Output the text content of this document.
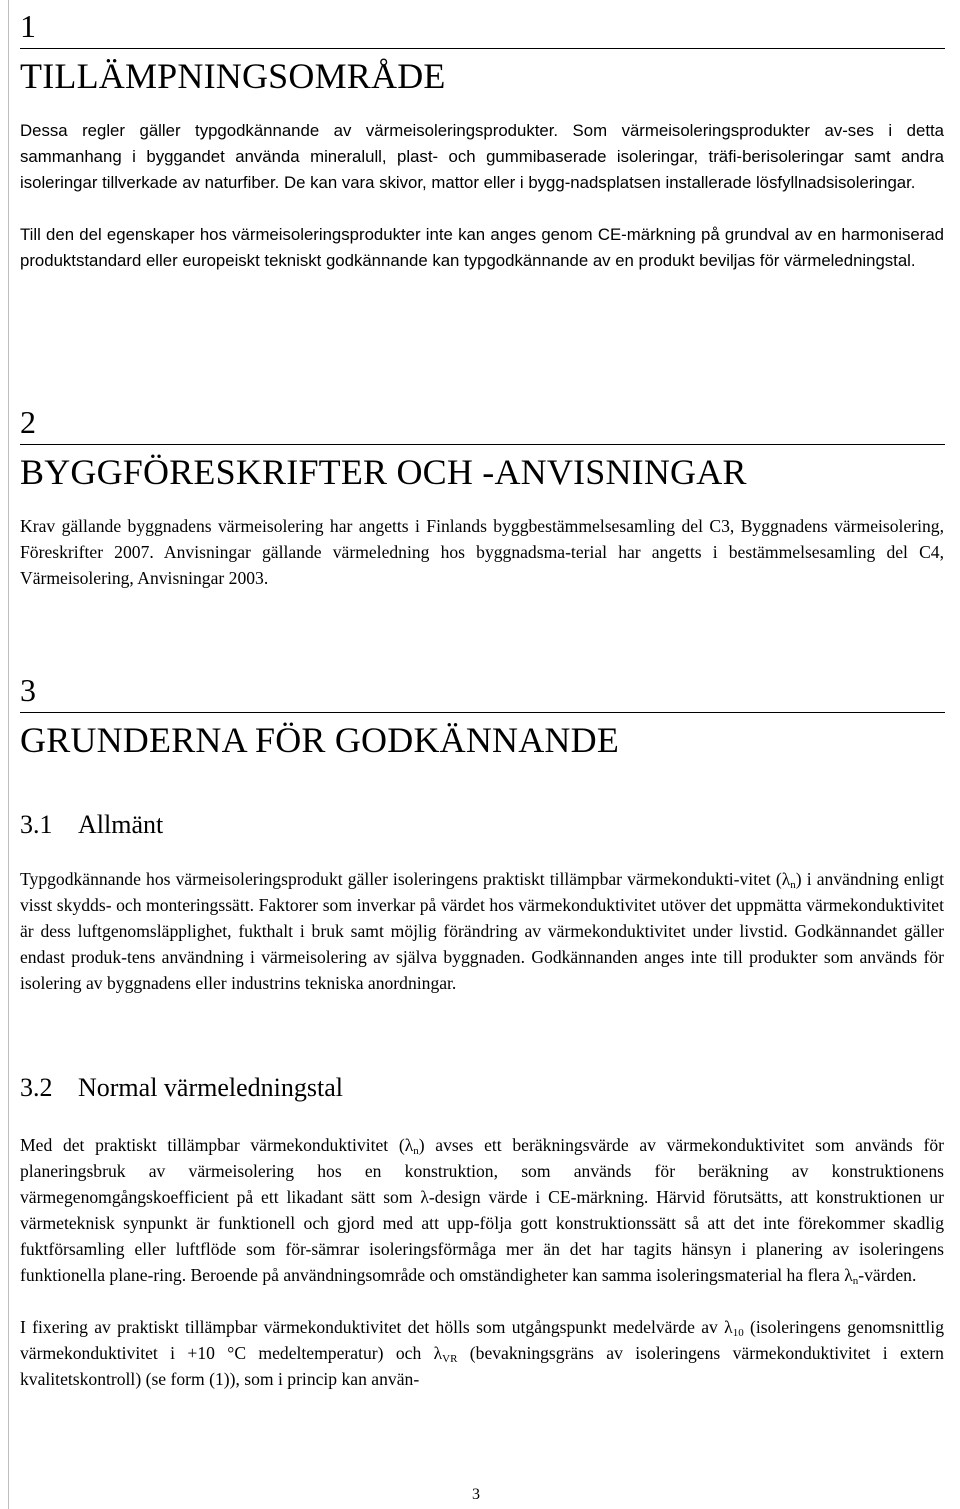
1
TILLÄMPNINGSOMRÅDE

Dessa regler gäller typgodkännande av värmeisoleringsprodukter. Som värmeisoleringsprodukter av-ses i detta sammanhang i byggandet använda mineralull, plast- och gummibaserade isoleringar, träfi-berisoleringar samt andra isoleringar tillverkade av naturfiber. De kan vara skivor, mattor eller i bygg-nadsplatsen installerade lösfyllnadsisoleringar.

Till den del egenskaper hos värmeisoleringsprodukter inte kan anges genom CE-märkning på grundval av en harmoniserad produktstandard eller europeiskt tekniskt godkännande kan typgodkännande av en produkt beviljas för värmeledningstal.

2
BYGGFÖRESKRIFTER OCH -ANVISNINGAR

Krav gällande byggnadens värmeisolering har angetts i Finlands byggbestämmelsesamling del C3, Byggnadens värmeisolering, Föreskrifter 2007. Anvisningar gällande värmeledning hos byggnadsma-terial har angetts i bestämmelsesamling del C4, Värmeisolering, Anvisningar 2003.

3
GRUNDERNA FÖR GODKÄNNANDE
3.1 Allmänt

Typgodkännande hos värmeisoleringsprodukt gäller isoleringens praktiskt tillämpbar värmekondukti-vitet $(\lambda_n)$ i användning enligt visst skydds- och monteringssätt. Faktorer som inverkar på värdet hos värmekonduktivitet utöver det uppmätta värmekonduktivitet är dess luftgenomsläpplighet, fukthalt i bruk samt möjlig förändring av värmekonduktivitet under livstid. Godkännandet gäller endast produk-tens användning i värmeisolering av själva byggnaden. Godkännanden anges inte till produkter som används för isolering av byggnadens eller industrins tekniska anordningar.

3.2 Normal värmeledningstal

Med det praktiskt tillämpbar värmekonduktivitet $(\lambda_n)$ avses ett beräkningsvärde av värmekonduktivitet som används för planeringsbruk av värmeisolering hos en konstruktion, som används för beräkning av konstruktionens värmegenomgångskoefficient på ett likadant sätt som λ-design värde i CE-märkning. Härvid förutsätts, att konstruktionen ur värmeteknisk synpunkt är funktionell och gjord med att upp-följa gott konstruktionssätt så att det inte förekommer skadlig fuktförsamling eller luftflöde som för-sämrar isoleringsförmåga mer än det har tagits hänsyn i planering av isoleringens funktionella plane-ring. Beroende på användningsområde och omständigheter kan samma isoleringsmaterial ha flera $\lambda_n$-värden.

I fixering av praktiskt tillämpbar värmekonduktivitet det hölls som utgångspunkt medelvärde av $\lambda_{10}$ (isoleringens genomsnittlig värmekonduktivitet i +10 °C medeltemperatur) och $\lambda_{VR}$ (bevakningsgräns av isoleringens värmekonduktivitet i extern kvalitetskontroll) (se form (1)), som i princip kan använ-

3
